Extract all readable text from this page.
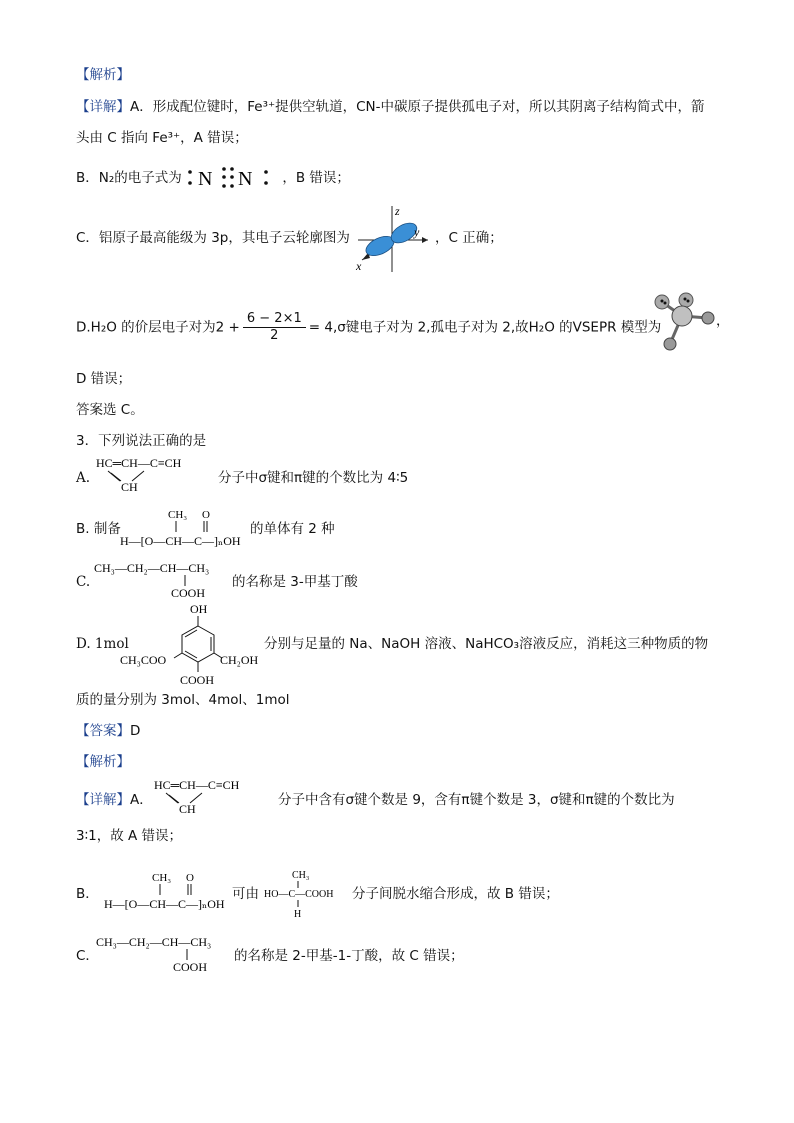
【解析】
【详解】A．形成配位键时，Fe³⁺提供空轨道，CN-中碳原子提供孤电子对，所以其阴离子结构简式中，箭
头由 C 指向 Fe³⁺，A 错误；
B．N₂的电子式为 N N ，B 错误；
C．铝原子最高能级为 3p，其电子云轮廓图为
z
y
x
，C 正确；
D.H₂O 的价层电子对为$2 + \frac{6 - 2\times 1}{2} = 4,\sigma$键电子对为 2,孤电子对为 2,故H₂O 的VSEPR 模型为	，
D 错误；
答案选 C。
3．下列说法正确的是
A.
HC═CH—C≡CH
CH
分子中σ键和π键的个数比为 4∶5
B. 制备
CH₃ O
H—[O—CH—C—]ₙOH
的单体有 2 种
C.
CH₃—CH₂—CH—CH₃
COOH
的名称是 3-甲基丁酸
D. 1mol
OH
CH₃COO	CH₂OH
COOH
分别与足量的 Na、NaOH 溶液、NaHCO₃溶液反应，消耗这三种物质的物
质的量分别为 3mol、4mol、1mol
【答案】D
【解析】
【详解】A．
HC═CH—C≡CH
CH
分子中含有σ键个数是 9，含有π键个数是 3，σ键和π键的个数比为
3∶1，故 A 错误；
B．
CH₃ O
H—[O—CH—C—]ₙOH
可由
CH₃
HO—C—COOH
H
分子间脱水缩合形成，故 B 错误；
C．
CH₃—CH₂—CH—CH₃
COOH
的名称是 2-甲基-1-丁酸，故 C 错误；
